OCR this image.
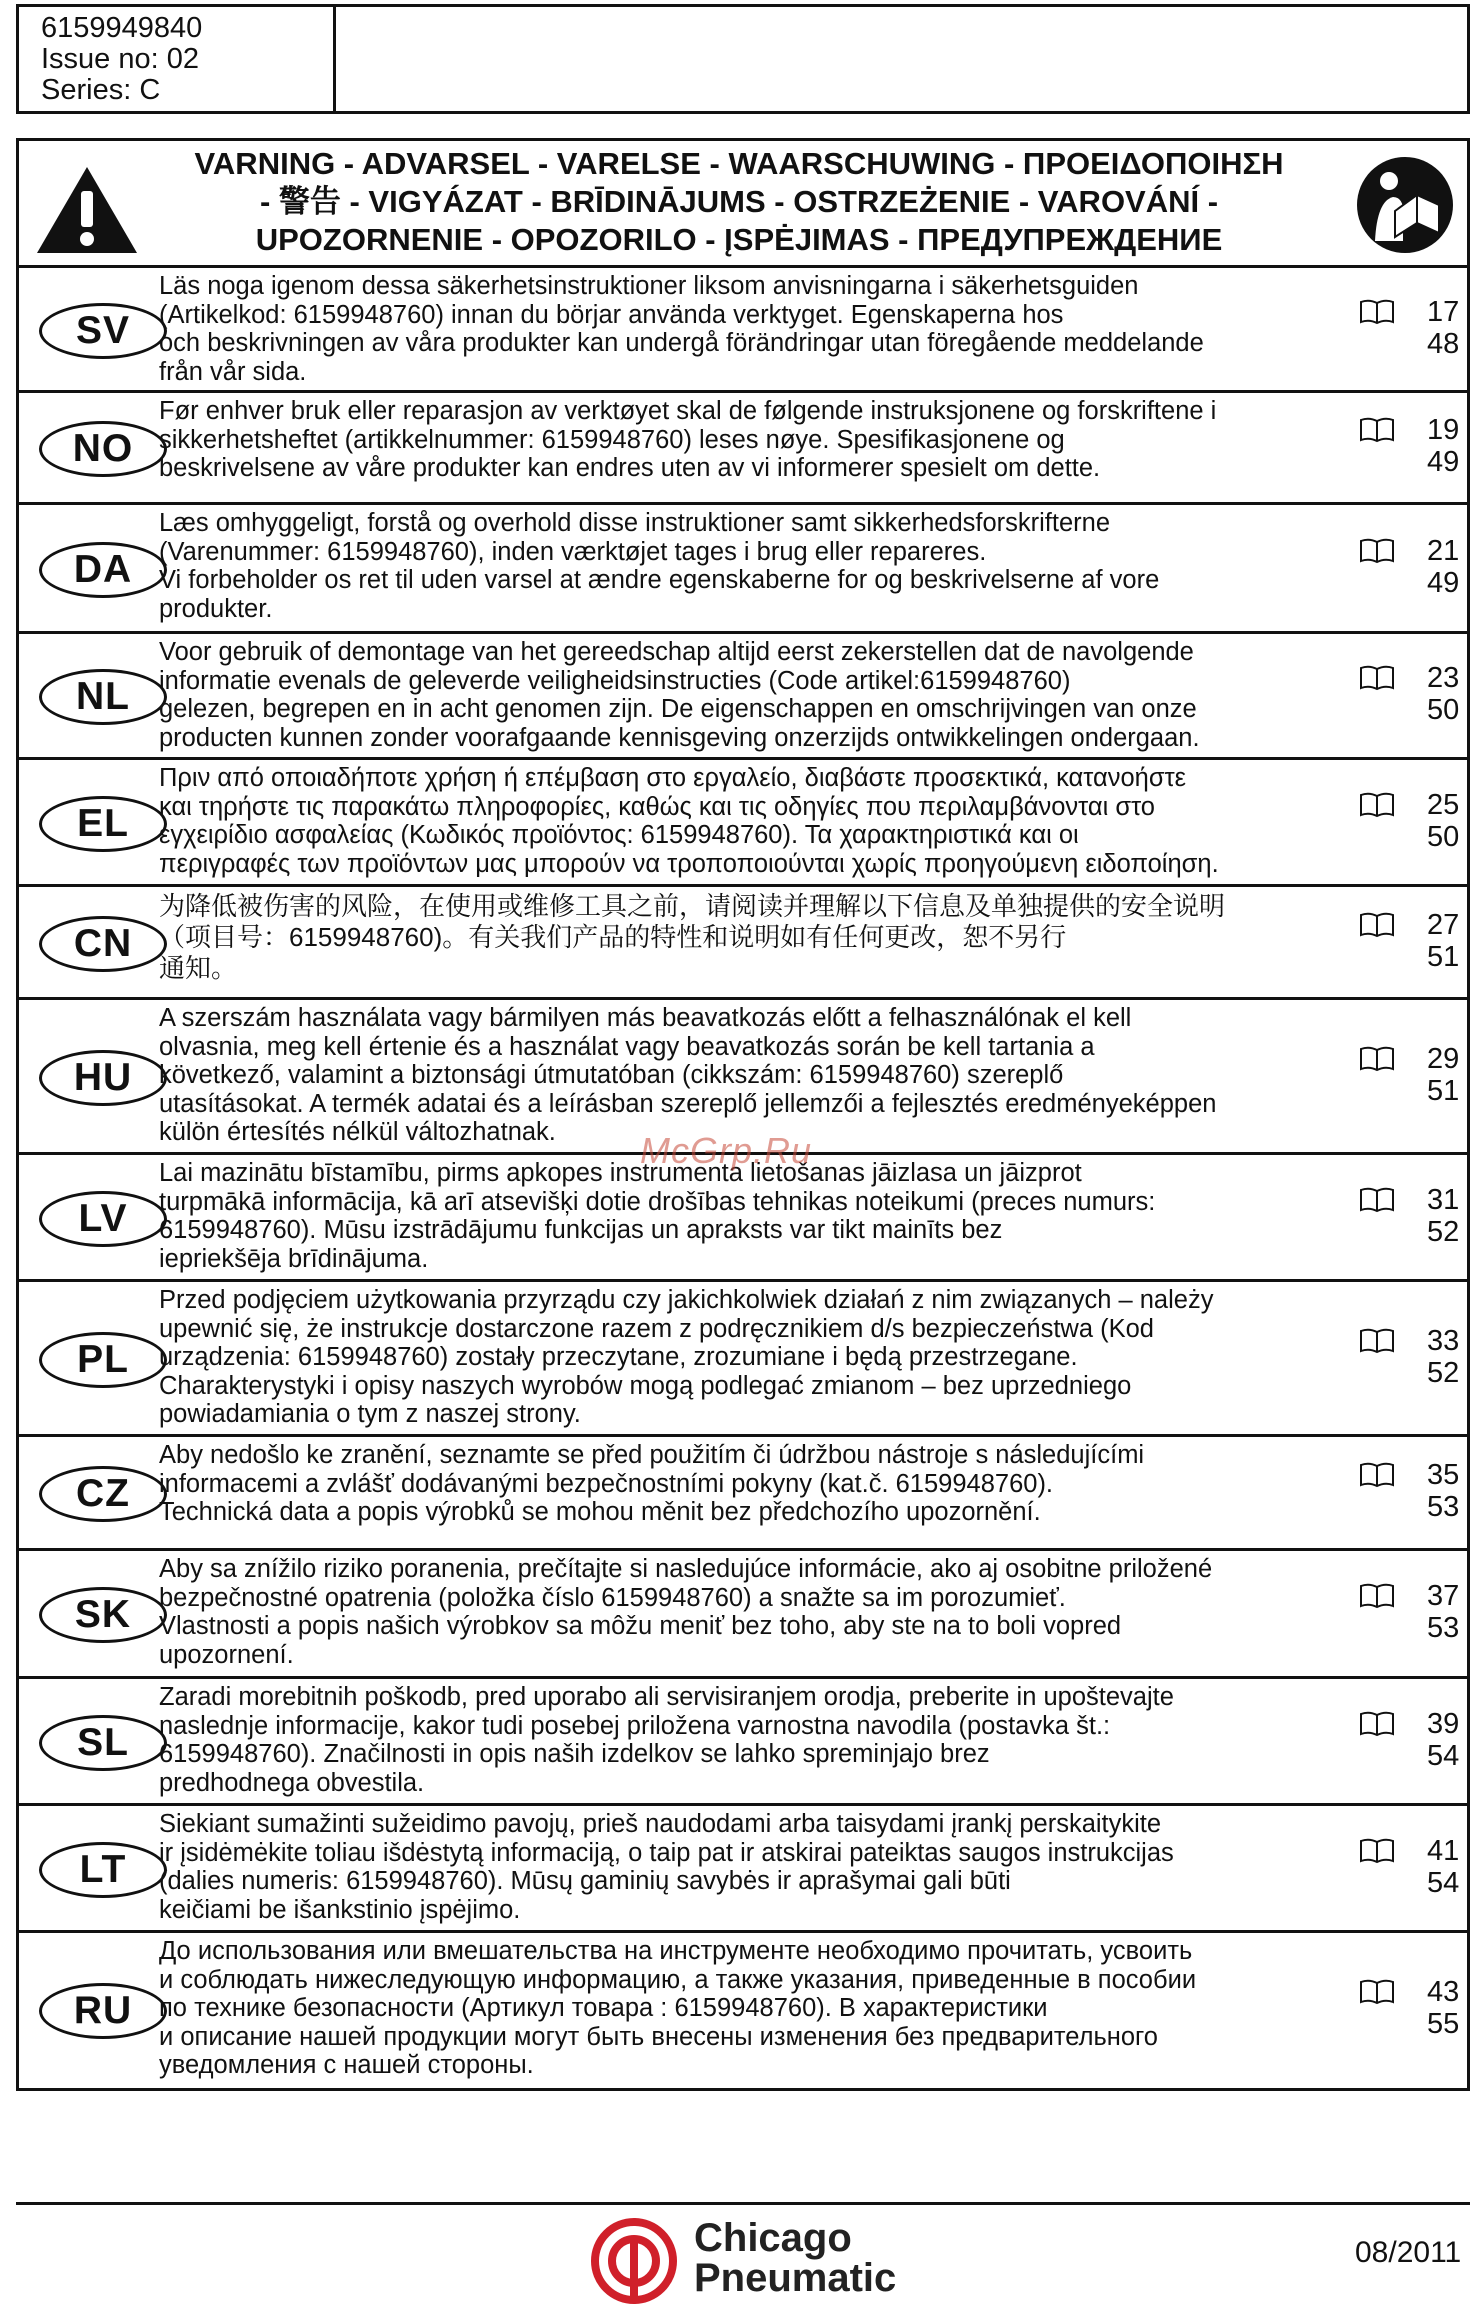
6159949840
Issue no: 02
Series: C
VARNING - ADVARSEL - VARELSE - WAARSCHUWING - ΠΡΟΕΙΔΟΠΟΙΗΣΗ
- 警告 - VIGYÁZAT - BRĪDINĀJUMS - OSTRZEŻENIE - VAROVÁNÍ -
UPOZORNENIE - OPOZORILO - ĮSPĖJIMAS - ПРЕДУПРЕЖДЕНИЕ
SV
Läs noga igenom dessa säkerhetsinstruktioner liksom anvisningarna i säkerhetsguiden
(Artikelkod: 6159948760) innan du börjar använda verktyget. Egenskaperna hos
och beskrivningen av våra produkter kan undergå förändringar utan föregående meddelande
från vår sida.
17
48
NO
Før enhver bruk eller reparasjon av verktøyet skal de følgende instruksjonene og forskriftene i
sikkerhetsheftet (artikkelnummer: 6159948760) leses nøye. Spesifikasjonene og
beskrivelsene av våre produkter kan endres uten av vi informerer spesielt om dette.
19
49
DA
Læs omhyggeligt, forstå og overhold disse instruktioner samt sikkerhedsforskrifterne
(Varenummer: 6159948760), inden værktøjet tages i brug eller repareres.
Vi forbeholder os ret til uden varsel at ændre egenskaberne for og beskrivelserne af vore
produkter.
21
49
NL
Voor gebruik of demontage van het gereedschap altijd eerst zekerstellen dat de navolgende
informatie evenals de geleverde veiligheidsinstructies (Code artikel:6159948760)
gelezen, begrepen en in acht genomen zijn. De eigenschappen en omschrijvingen van onze
producten kunnen zonder voorafgaande kennisgeving onzerzijds ontwikkelingen ondergaan.
23
50
EL
Πριν από οποιαδήποτε χρήση ή επέμβαση στο εργαλείο, διαβάστε προσεκτικά, κατανοήστε
και τηρήστε τις παρακάτω πληροφορίες, καθώς και τις οδηγίες που περιλαμβάνονται στο
εγχειρίδιο ασφαλείας (Κωδικός προϊόντος: 6159948760). Τα χαρακτηριστικά και οι
περιγραφές των προϊόντων μας μπορούν να τροποποιούνται χωρίς προηγούμενη ειδοποίηση.
25
50
CN
为降低被伤害的风险，在使用或维修工具之前，请阅读并理解以下信息及单独提供的安全说明
（项目号：6159948760)。有关我们产品的特性和说明如有任何更改，恕不另行
通知。
27
51
HU
A szerszám használata vagy bármilyen más beavatkozás előtt a felhasználónak el kell
olvasnia, meg kell értenie és a használat vagy beavatkozás során be kell tartania a
következő, valamint a biztonsági útmutatóban (cikkszám: 6159948760) szereplő
utasításokat. A termék adatai és a leírásban szereplő jellemzői a fejlesztés eredményeképpen
külön értesítés nélkül változhatnak.
29
51
LV
Lai mazinātu bīstamību, pirms apkopes instrumenta lietošanas jāizlasa un jāizprot
turpmākā informācija, kā arī atsevišķi dotie drošības tehnikas noteikumi (preces numurs:
6159948760). Mūsu izstrādājumu funkcijas un apraksts var tikt mainīts bez
iepriekšēja brīdinājuma.
31
52
PL
Przed podjęciem użytkowania przyrządu czy jakichkolwiek działań z nim związanych – należy
upewnić się, że instrukcje dostarczone razem z podręcznikiem d/s bezpieczeństwa (Kod
urządzenia: 6159948760) zostały przeczytane, zrozumiane i będą przestrzegane.
Charakterystyki i opisy naszych wyrobów mogą podlegać zmianom – bez uprzedniego
powiadamiania o tym z naszej strony.
33
52
CZ
Aby nedošlo ke zranění, seznamte se před použitím či údržbou nástroje s následujícími
informacemi a zvlášť dodávanými bezpečnostními pokyny (kat.č. 6159948760).
Technická data a popis výrobků se mohou měnit bez předchozího upozornění.
35
53
SK
Aby sa znížilo riziko poranenia, prečítajte si nasledujúce informácie, ako aj osobitne priložené
bezpečnostné opatrenia (položka číslo 6159948760) a snažte sa im porozumieť.
Vlastnosti a popis našich výrobkov sa môžu meniť bez toho, aby ste na to boli vopred
upozornení.
37
53
SL
Zaradi morebitnih poškodb, pred uporabo ali servisiranjem orodja, preberite in upoštevajte
naslednje informacije, kakor tudi posebej priložena varnostna navodila (postavka št.:
6159948760). Značilnosti in opis naših izdelkov se lahko spreminjajo brez
predhodnega obvestila.
39
54
LT
Siekiant sumažinti sužeidimo pavojų, prieš naudodami arba taisydami įrankį perskaitykite
ir įsidėmėkite toliau išdėstytą informaciją, o taip pat ir atskirai pateiktas saugos instrukcijas
(dalies numeris: 6159948760). Mūsų gaminių savybės ir aprašymai gali būti
keičiami be išankstinio įspėjimo.
41
54
RU
До использования или вмешательства на инструменте необходимо прочитать, усвоить
и соблюдать нижеследующую информацию, а также указания, приведенные в пособии
по технике безопасности (Артикул товара : 6159948760). В характеристики
и описание нашей продукции могут быть внесены изменения без предварительного
уведомления с нашей стороны.
43
55
McGrp.Ru
Chicago
Pneumatic
08/2011
